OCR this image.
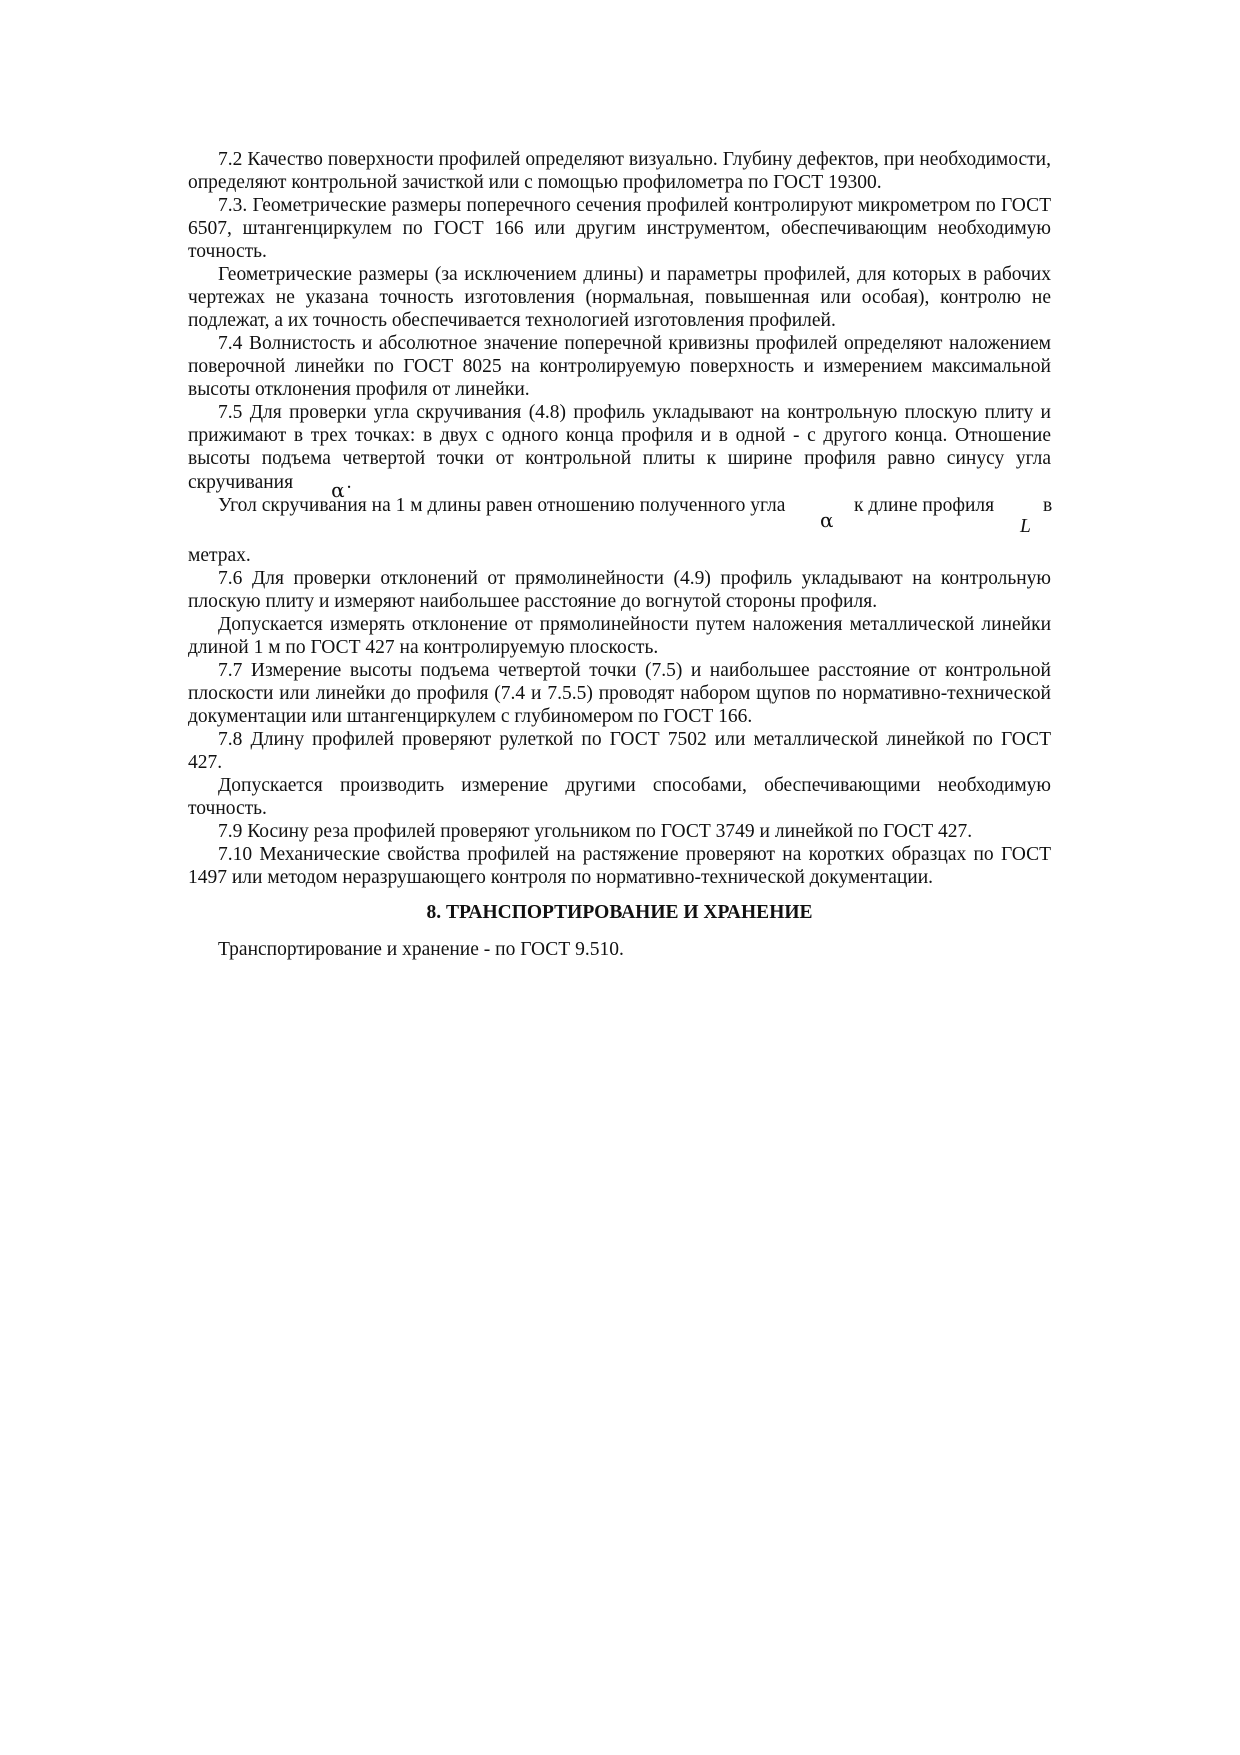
7.2 Качество поверхности профилей определяют визуально. Глубину дефектов, при необходимости, определяют контрольной зачисткой или с помощью профилометра по ГОСТ 19300.

7.3. Геометрические размеры поперечного сечения профилей контролируют микрометром по ГОСТ 6507, штангенциркулем по ГОСТ 166 или другим инструментом, обеспечивающим необходимую точность.

Геометрические размеры (за исключением длины) и параметры профилей, для которых в рабочих чертежах не указана точность изготовления (нормальная, повышенная или особая), контролю не подлежат, а их точность обеспечивается технологией изготовления профилей.

7.4 Волнистость и абсолютное значение поперечной кривизны профилей определяют наложением поверочной линейки по ГОСТ 8025 на контролируемую поверхность и измерением максимальной высоты отклонения профиля от линейки.

7.5 Для проверки угла скручивания (4.8) профиль укладывают на контрольную плоскую плиту и прижимают в трех точках: в двух с одного конца профиля и в одной - с другого конца. Отношение высоты подъема четвертой точки от контрольной плиты к ширине профиля равно синусу угла скручивания α .

Угол скручивания на 1 м длины равен отношению полученного угла
α
к длине профиля
L
в

метрах.

7.6 Для проверки отклонений от прямолинейности (4.9) профиль укладывают на контрольную плоскую плиту и измеряют наибольшее расстояние до вогнутой стороны профиля.

Допускается измерять отклонение от прямолинейности путем наложения металлической линейки длиной 1 м по ГОСТ 427 на контролируемую плоскость.

7.7 Измерение высоты подъема четвертой точки (7.5) и наибольшее расстояние от контрольной плоскости или линейки до профиля (7.4 и 7.5.5) проводят набором щупов по нормативно-технической документации или штангенциркулем с глубиномером по ГОСТ 166.

7.8 Длину профилей проверяют рулеткой по ГОСТ 7502 или металлической линейкой по ГОСТ 427.

Допускается производить измерение другими способами, обеспечивающими необходимую точность.

7.9 Косину реза профилей проверяют угольником по ГОСТ 3749 и линейкой по ГОСТ 427.

7.10 Механические свойства профилей на растяжение проверяют на коротких образцах по ГОСТ 1497 или методом неразрушающего контроля по нормативно-технической документации.

8. ТРАНСПОРТИРОВАНИЕ И ХРАНЕНИЕ

Транспортирование и хранение - по ГОСТ 9.510.
